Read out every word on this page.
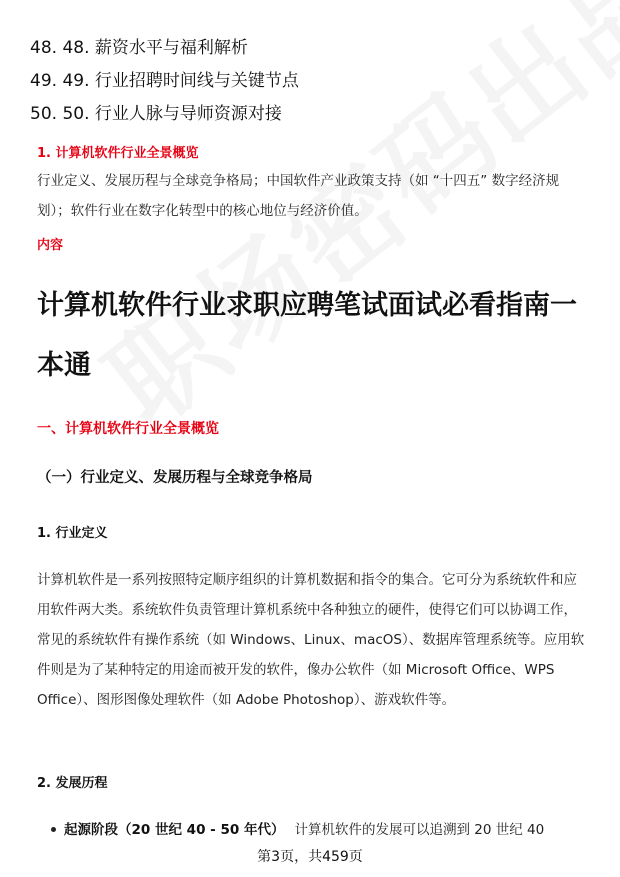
48. 48. 薪资水平与福利解析
49. 49. 行业招聘时间线与关键节点
50. 50. 行业人脉与导师资源对接
1. 计算机软件行业全景概览
行业定义、发展历程与全球竞争格局；中国软件产业政策支持（如 “十四五” 数字经济规划）；软件行业在数字化转型中的核心地位与经济价值。
内容
计算机软件行业求职应聘笔试面试必看指南一本通
一、计算机软件行业全景概览
（一）行业定义、发展历程与全球竞争格局
1. 行业定义
计算机软件是一系列按照特定顺序组织的计算机数据和指令的集合。它可分为系统软件和应用软件两大类。系统软件负责管理计算机系统中各种独立的硬件，使得它们可以协调工作，常见的系统软件有操作系统（如 Windows、Linux、macOS）、数据库管理系统等。应用软件则是为了某种特定的用途而被开发的软件，像办公软件（如 Microsoft Office、WPS Office）、图形图像处理软件（如 Adobe Photoshop）、游戏软件等。
2. 发展历程
起源阶段（20 世纪 40 - 50 年代） 计算机软件的发展可以追溯到 20 世纪 40
第3页，共459页
